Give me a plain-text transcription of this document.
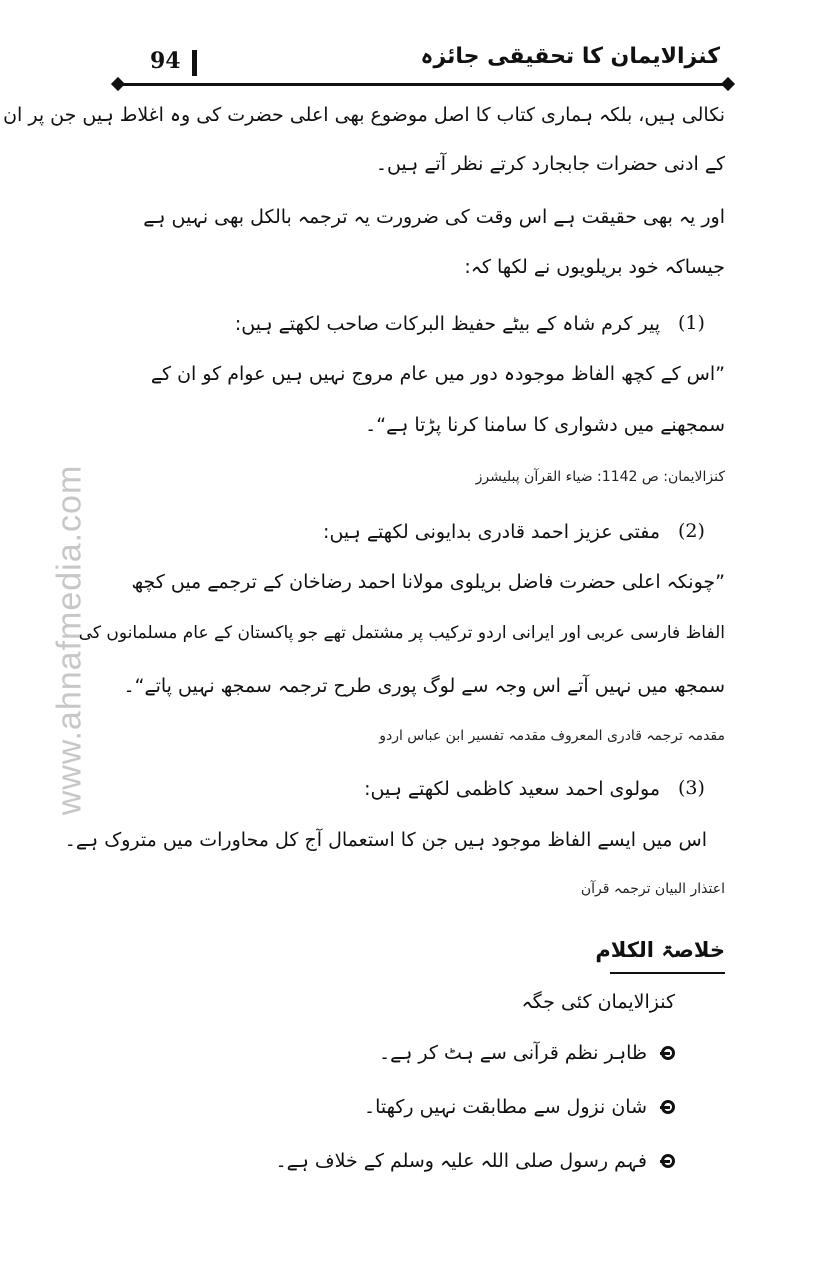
www.ahnafmedia.com
94	کنزالایمان کا تحقیقی جائزہ
نکالی ہیں، بلکہ ہماری کتاب کا اصل موضوع بھی اعلی حضرت کی وہ اغلاط ہیں جن پر ان
کے ادنی حضرات جابجارد کرتے نظر آتے ہیں۔
اور یہ بھی حقیقت ہے اس وقت کی ضرورت یہ ترجمہ بالکل بھی نہیں ہے
جیساکہ خود بریلویوں نے لکھا کہ:
(1)
پیر کرم شاہ کے بیٹے حفیظ البرکات صاحب لکھتے ہیں:
”اس کے کچھ الفاظ موجودہ دور میں عام مروج نہیں ہیں عوام کو ان کے
سمجھنے میں دشواری کا سامنا کرنا پڑتا ہے“۔
کنزالایمان: ص 1142: ضیاء القرآن پبلیشرز
(2)
مفتی عزیز احمد قادری بدایونی لکھتے ہیں:
”چونکہ اعلی حضرت فاضل بریلوی مولانا احمد رضاخان کے ترجمے میں کچھ
الفاظ فارسی عربی اور ایرانی اردو ترکیب پر مشتمل تھے جو پاکستان کے عام مسلمانوں کی
سمجھ میں نہیں آتے اس وجہ سے لوگ پوری طرح ترجمہ سمجھ نہیں پاتے“۔
مقدمہ ترجمہ قادری المعروف مقدمہ تفسیر ابن عباس اردو
(3)
مولوی احمد سعید کاظمی لکھتے ہیں:
اس میں ایسے الفاظ موجود ہیں جن کا استعمال آج کل محاورات میں متروک ہے۔
اعتذار البیان ترجمہ قرآن
خلاصۃ الکلام
کنزالایمان کئی جگہ
ظاہر نظم قرآنی سے ہٹ کر ہے۔
شان نزول سے مطابقت نہیں رکھتا۔
فہم رسول صلی اللہ علیہ وسلم کے خلاف ہے۔
